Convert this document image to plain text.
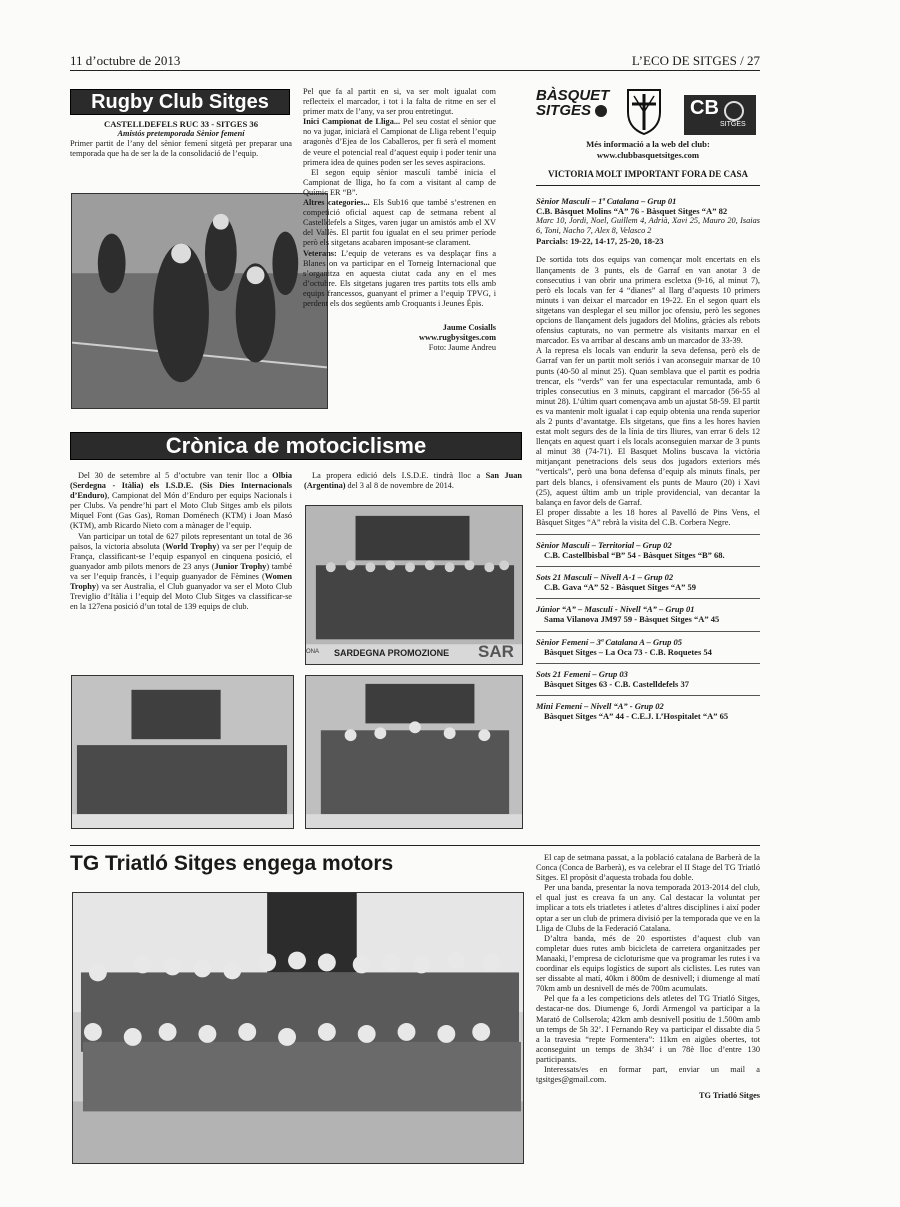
11 d’octubre de 2013	L’ECO DE SITGES / 27
Rugby Club Sitges
CASTELLDEFELS RUC 33 - SITGES 36
Amistós pretemporada Sènior femení

Primer partit de l’any del sènior femení sitgetà per preparar una temporada que ha de ser la de la consolidació de l’equip.

Pel que fa al partit en si, va ser molt igualat com reflecteix el marcador, i tot i la falta de ritme en ser el primer matx de l’any, va ser prou entretingut.

Inici Campionat de Lliga... Pel seu costat el sènior que no va jugar, iniciarà el Campionat de Lliga rebent l’equip aragonès d’Ejea de los Caballeros, per fi serà el moment de veure el potencial real d’aquest equip i poder tenir una primera idea de quines poden ser les seves aspiracions.

El segon equip sènior masculí també inicia el Campionat de lliga, ho fa com a visitant al camp de Químic ER “B”.

Altres categories... Els Sub16 que també s’estrenen en competició oficial aquest cap de setmana rebent al Castelldefels a Sitges, varen jugar un amistós amb el XV del Vallès. El partit fou igualat en el seu primer període però els sitgetans acabaren imposant-se clarament.

Veterans: L’equip de veterans es va desplaçar fins a Blanes on va participar en el Torneig Internacional que s’organitza en aquesta ciutat cada any en el mes d’octubre. Els sitgetans jugaren tres partits tots ells amb equips francessos, guanyant el primer a l’equip TPVG, i perdent els dos següents amb Croquants i Jeunes Épis.

Jaume Cosialls
www.rugbysitges.com
Foto: Jaume Andreu
Crònica de motociclisme

Del 30 de setembre al 5 d’octubre van tenir lloc a Olbia (Serdegna - Itàlia) els I.S.D.E. (Sis Dies Internacionals d’Enduro), Campionat del Món d’Enduro per equips Nacionals i per Clubs. Va pendre’hi part el Moto Club Sitges amb els pilots Miquel Font (Gas Gas), Roman Doménech (KTM) i Joan Masó (KTM), amb Ricardo Nieto com a mànager de l’equip.

Van participar un total de 627 pilots representant un total de 36 països, la victoria absoluta (World Trophy) va ser per l’equip de França, classificant-se l’equip espanyol en cinquena posició, el guanyador amb pilots menors de 23 anys (Junior Trophy) també va ser l’equip francès, i l’equip guanyador de Fèmines (Women Trophy) va ser Australia, el Club guanyador va ser el Moto Club Treviglio d’Itàlia i l’equip del Moto Club Sitges va classificar-se en la 127ena posició d’un total de 139 equips de club.

La propera edició dels I.S.D.E. tindrà lloc a San Juan (Argentina) del 3 al 8 de novembre de 2014.

ONA	SARDEGNA PROMOZIONE SAR
BÀSQUET
SITGES	CB
SITGES
Més informació a la web del club:
www.clubbasquetsitges.com
VICTORIA MOLT IMPORTANT FORA DE CASA
Sènior Masculí – 1ª Catalana – Grup 01
C.B. Bàsquet Molins “A” 76 - Bàsquet Sitges “A” 82
Marc 10, Jordi, Noel, Guillem 4, Adrià, Xavi 25, Mauro 20, Isaias 6, Toni, Nacho 7, Alex 8, Velasco 2
Parcials: 19-22, 14-17, 25-20, 18-23

De sortida tots dos equips van començar molt encertats en els llançaments de 3 punts, els de Garraf en van anotar 3 de consecutius i van obrir una primera escletxa (9-16, al minut 7), però els locals van fer 4 “dianes” al llarg d’aquests 10 primers minuts i van deixar el marcador en 19-22. En el segon quart els sitgetans van desplegar el seu millor joc ofensiu, però les segones opcions de llançament dels jugadors del Molins, gràcies als rebots ofensius capturats, no van permetre als visitants marxar en el marcador. Es va arribar al descans amb un marcador de 33-39.

A la represa els locals van endurir la seva defensa, però els de Garraf van fer un partit molt seriós i van aconseguir marxar de 10 punts (40-50 al minut 25). Quan semblava que el partit es podria trencar, els “verds” van fer una espectacular remuntada, amb 6 triples consecutius en 3 minuts, capgirant el marcador (56-55 al minut 28). L’últim quart començava amb un ajustat 58-59. El partit es va mantenir molt igualat i cap equip obtenia una renda superior als 2 punts d’avantatge. Els sitgetans, que fins a les hores havien estat molt segurs des de la línia de tirs lliures, van errar 6 dels 12 llençats en aquest quart i els locals aconseguien marxar de 3 punts al minut 38 (74-71). El Basquet Molins buscava la victòria mitjançant penetracions dels seus dos jugadors exteriors més “verticals”, però una bona defensa d’equip als minuts finals, per part dels blancs, i ofensivament els punts de Mauro (20) i Xavi (25), aquest últim amb un triple providencial, van decantar la balança en favor dels de Garraf.

El proper dissabte a les 18 hores al Pavelló de Pins Vens, el Bàsquet Sitges “A” rebrà la visita del C.B. Corbera Negre.

Sènior Masculí – Territorial – Grup 02
C.B. Castellbisbal “B” 54 - Bàsquet Sitges “B” 68.
Sots 21 Masculí – Nivell A-1 – Grup 02
C.B. Gava “A” 52 - Bàsquet Sitges “A” 59
Júnior “A” – Masculí - Nivell “A” – Grup 01
Sama Vilanova JM97 59 - Bàsquet Sitges “A” 45
Sènior Femení – 3ª Catalana A – Grup 05
Bàsquet Sitges – La Oca 73 - C.B. Roquetes 54
Sots 21 Femení – Grup 03
Bàsquet Sitges 63 - C.B. Castelldefels 37
Mini Femení – Nivell “A” - Grup 02
Bàsquet Sitges “A” 44 - C.E.J. L’Hospitalet “A” 65
TG Triatló Sitges engega motors	El cap de setmana passat, a la població catalana de Barberà de la Conca (Conca de Barberà), es va celebrar el II Stage del TG Triatló Sitges. El propòsit d’aquesta trobada fou doble.

Per una banda, presentar la nova temporada 2013-2014 del club, el qual just es creava fa un any. Cal destacar la voluntat per implicar a tots els triatletes i atletes d’altres disciplines i així poder optar a ser un club de primera divisió per la temporada que ve en la Lliga de Clubs de la Federació Catalana.

D’altra banda, més de 20 esportistes d’aquest club van completar dues rutes amb bicicleta de carretera organitzades per Manaaki, l’empresa de cicloturisme que va programar les rutes i va coordinar els equips logístics de suport als ciclistes. Les rutes van ser dissabte al matí, 40km i 800m de desnivell; i diumenge al matí 70km amb un desnivell de més de 700m acumulats.

Pel que fa a les competicions dels atletes del TG Triatló Sitges, destacar-ne dos. Diumenge 6, Jordi Armengol va participar a la Marató de Collserola; 42km amb desnivell positiu de 1.500m amb un temps de 5h 32’. I Fernando Rey va participar el dissabte dia 5 a la travesia “repte Formentera”: 11km en aigües obertes, tot aconseguint un temps de 3h34’ i un 78è lloc d’entre 130 participants.

Interessats/es en formar part, enviar un mail a tgsitges@gmail.com.

TG Triatló Sitges
